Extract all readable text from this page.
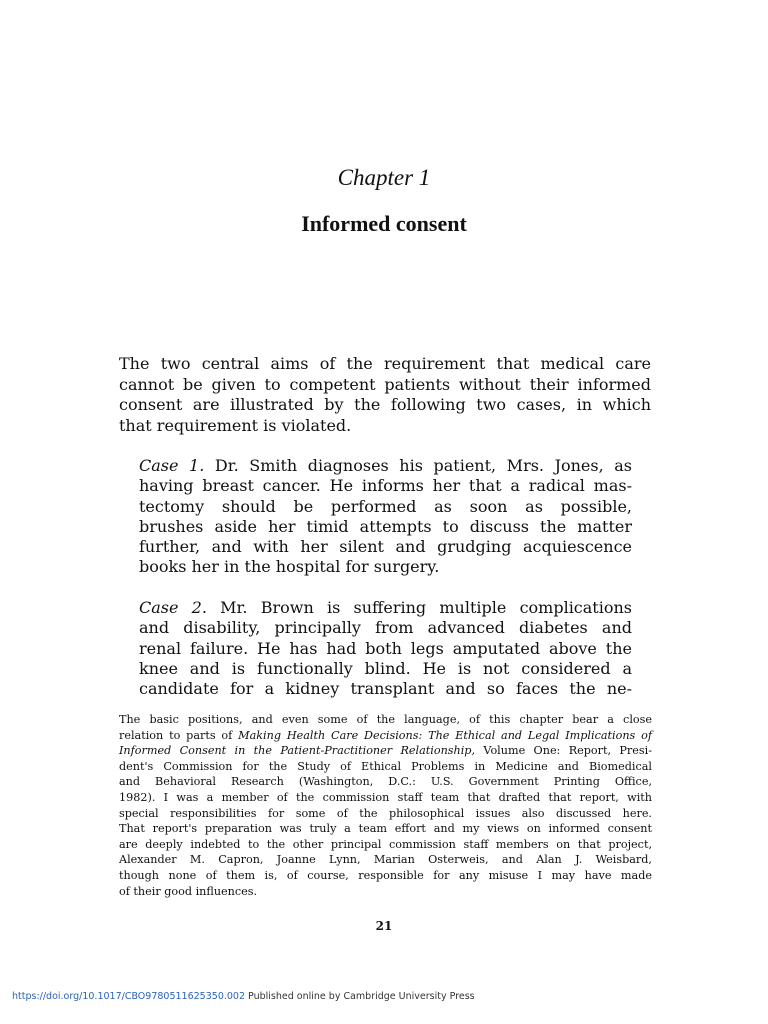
Chapter 1
Informed consent
The two central aims of the requirement that medical care
cannot be given to competent patients without their informed
consent are illustrated by the following two cases, in which
that requirement is violated.
Case 1. Dr. Smith diagnoses his patient, Mrs. Jones, as
having breast cancer. He informs her that a radical mas-
tectomy should be performed as soon as possible,
brushes aside her timid attempts to discuss the matter
further, and with her silent and grudging acquiescence
books her in the hospital for surgery.
Case 2. Mr. Brown is suffering multiple complications
and disability, principally from advanced diabetes and
renal failure. He has had both legs amputated above the
knee and is functionally blind. He is not considered a
candidate for a kidney transplant and so faces the ne-
The basic positions, and even some of the language, of this chapter bear a close
relation to parts of Making Health Care Decisions: The Ethical and Legal Implications of
Informed Consent in the Patient-Practitioner Relationship, Volume One: Report, Presi-
dent's Commission for the Study of Ethical Problems in Medicine and Biomedical
and Behavioral Research (Washington, D.C.: U.S. Government Printing Office,
1982). I was a member of the commission staff team that drafted that report, with
special responsibilities for some of the philosophical issues also discussed here.
That report's preparation was truly a team effort and my views on informed consent
are deeply indebted to the other principal commission staff members on that project,
Alexander M. Capron, Joanne Lynn, Marian Osterweis, and Alan J. Weisbard,
though none of them is, of course, responsible for any misuse I may have made
of their good influences.
21
https://doi.org/10.1017/CBO9780511625350.002 Published online by Cambridge University Press
